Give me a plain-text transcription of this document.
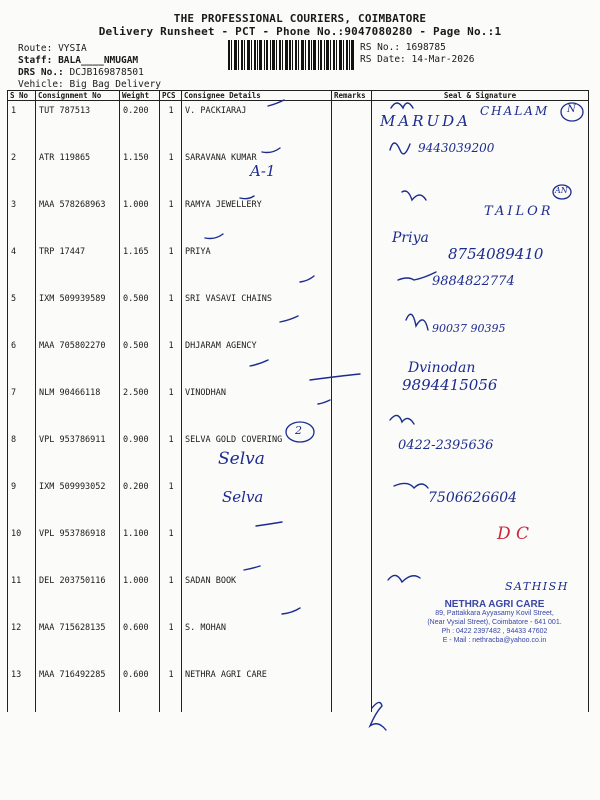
THE PROFESSIONAL COURIERS, COIMBATORE
Delivery Runsheet - PCT - Phone No.:9047080280 - Page No.:1
Route: VYSIA
Staff: BALA____NMUGAM
DRS No.: DCJB169878501
Vehicle: Big Bag Delivery
RS No.: 1698785
RS Date: 14-Mar-2026
S No	Consignment No	Weight	PCS	Consignee Details	Remarks	Seal & Signature
1	TUT 787513	0.200	1	V. PACKIARAJ		
2	ATR 119865	1.150	1	SARAVANA KUMAR		
3	MAA 578268963	1.000	1	RAMYA JEWELLERY		
4	TRP 17447	1.165	1	PRIYA		
5	IXM 509939589	0.500	1	SRI VASAVI CHAINS		
6	MAA 705802270	0.500	1	DHJARAM AGENCY		
7	NLM 90466118	2.500	1	VINODHAN		
8	VPL 953786911	0.900	1	SELVA GOLD COVERING		
9	IXM 509993052	0.200	1			
10	VPL 953786918	1.100	1			
11	DEL 203750116	1.000	1	SADAN BOOK		
12	MAA 715628135	0.600	1	S. MOHAN		
13	MAA 716492285	0.600	1	NETHRA AGRI CARE		
MARUDA
CHALAM N
A-1
9443039200
TAILOR
AN
Priya
8754089410
9884822774
90037 90395
Dvinodan
9894415056
2
Selva
0422-2395636
Selva	7506626604
D C
SATHISH
NETHRA AGRI CARE
89, Pattakkara Ayyasamy Kovil Street,
(Near Vysial Street), Coimbatore - 641 001.
Ph : 0422 2397482 , 94433 47602
E - Mail : nethracba@yahoo.co.in
